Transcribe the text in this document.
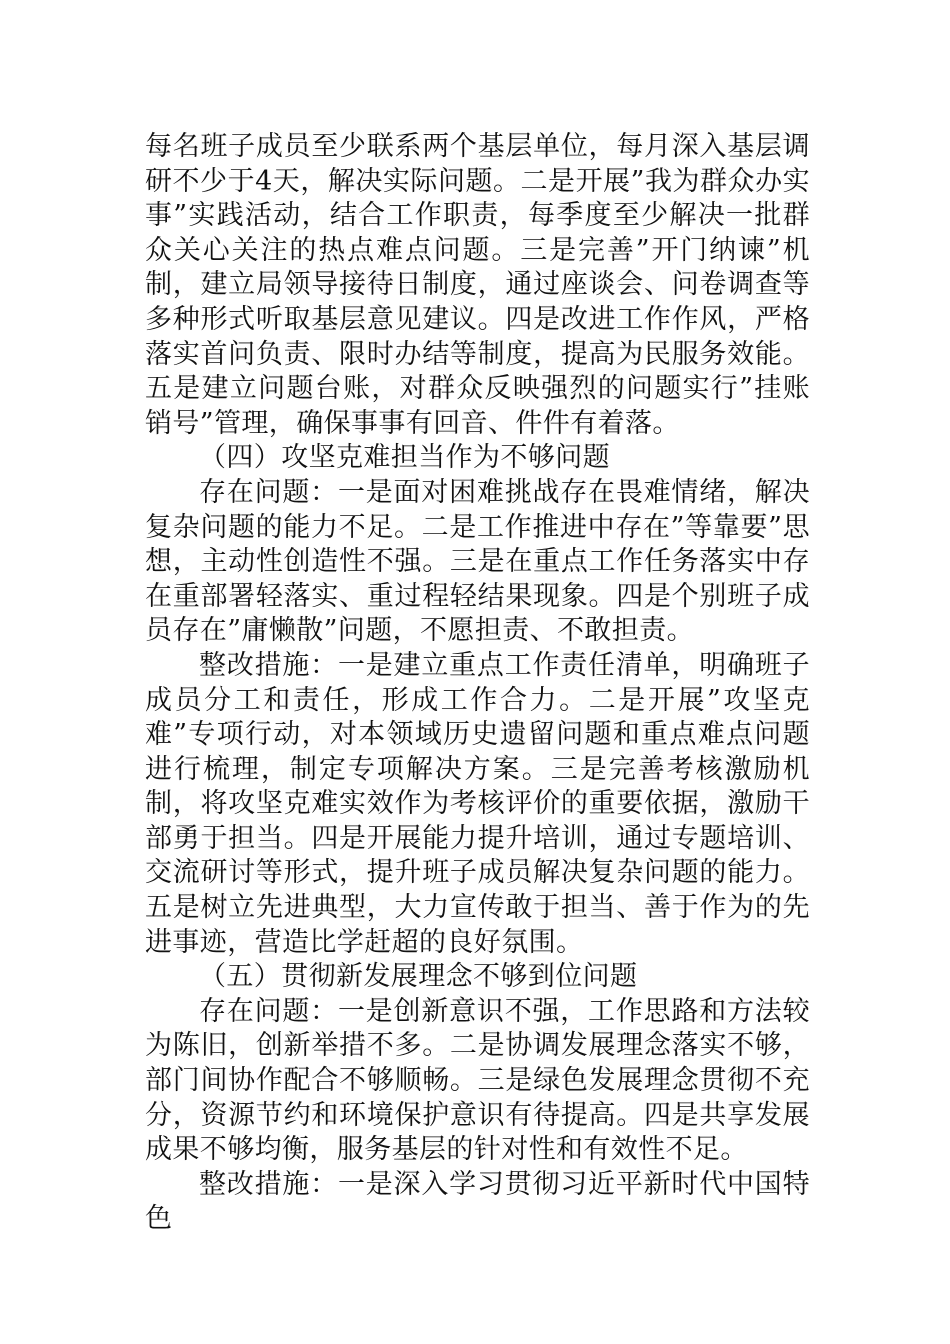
每名班子成员至少联系两个基层单位，每月深入基层调研不少于4天，解决实际问题。二是开展”我为群众办实事”实践活动，结合工作职责，每季度至少解决一批群众关心关注的热点难点问题。三是完善”开门纳谏”机制，建立局领导接待日制度，通过座谈会、问卷调查等多种形式听取基层意见建议。四是改进工作作风，严格落实首问负责、限时办结等制度，提高为民服务效能。五是建立问题台账，对群众反映强烈的问题实行”挂账销号”管理，确保事事有回音、件件有着落。

（四）攻坚克难担当作为不够问题

存在问题：一是面对困难挑战存在畏难情绪，解决复杂问题的能力不足。二是工作推进中存在”等靠要”思想，主动性创造性不强。三是在重点工作任务落实中存在重部署轻落实、重过程轻结果现象。四是个别班子成员存在”庸懒散”问题，不愿担责、不敢担责。

整改措施：一是建立重点工作责任清单，明确班子成员分工和责任，形成工作合力。二是开展”攻坚克难”专项行动，对本领域历史遗留问题和重点难点问题进行梳理，制定专项解决方案。三是完善考核激励机制，将攻坚克难实效作为考核评价的重要依据，激励干部勇于担当。四是开展能力提升培训，通过专题培训、交流研讨等形式，提升班子成员解决复杂问题的能力。五是树立先进典型，大力宣传敢于担当、善于作为的先进事迹，营造比学赶超的良好氛围。

（五）贯彻新发展理念不够到位问题

存在问题：一是创新意识不强，工作思路和方法较为陈旧，创新举措不多。二是协调发展理念落实不够，部门间协作配合不够顺畅。三是绿色发展理念贯彻不充分，资源节约和环境保护意识有待提高。四是共享发展成果不够均衡，服务基层的针对性和有效性不足。

整改措施：一是深入学习贯彻习近平新时代中国特色
